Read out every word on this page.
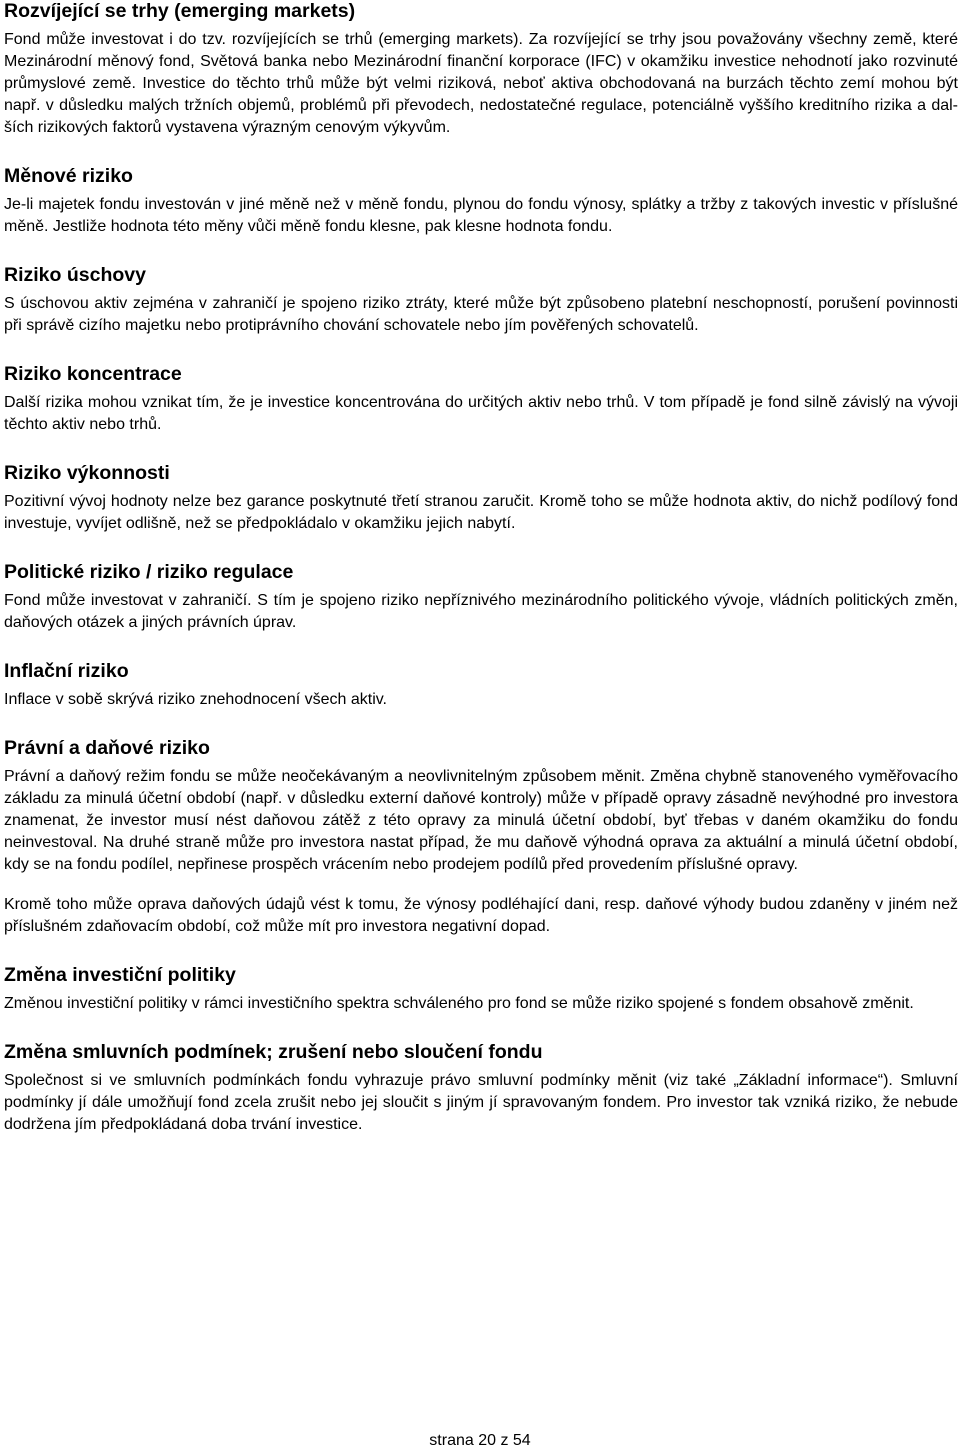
Rozvíjející se trhy (emerging markets)

Fond může investovat i do tzv. rozvíjejících se trhů (emerging markets). Za rozvíjející se trhy jsou považovány všechny země, které Mezinárodní měnový fond, Světová banka nebo Mezinárodní finanční korporace (IFC) v okamžiku investice nehodnotí jako rozvinuté průmyslové země. Investice do těchto trhů může být velmi riziková, neboť aktiva obchodovaná na burzách těchto zemí mohou být např. v důsledku malých tržních objemů, problémů při převodech, nedostatečné regulace, potenciálně vyššího kreditního rizika a dalších rizikových faktorů vystavena výrazným cenovým výkyvům.

Měnové riziko

Je-li majetek fondu investován v jiné měně než v měně fondu, plynou do fondu výnosy, splátky a tržby z takových investic v příslušné měně. Jestliže hodnota této měny vůči měně fondu klesne, pak klesne hodnota fondu.

Riziko úschovy

S úschovou aktiv zejména v zahraničí je spojeno riziko ztráty, které může být způsobeno platební neschopností, porušení povinnosti při správě cizího majetku nebo protiprávního chování schovatele nebo jím pověřených schovatelů.

Riziko koncentrace

Další rizika mohou vznikat tím, že je investice koncentrována do určitých aktiv nebo trhů. V tom případě je fond silně závislý na vývoji těchto aktiv nebo trhů.

Riziko výkonnosti

Pozitivní vývoj hodnoty nelze bez garance poskytnuté třetí stranou zaručit. Kromě toho se může hodnota aktiv, do nichž podílový fond investuje, vyvíjet odlišně, než se předpokládalo v okamžiku jejich nabytí.

Politické riziko / riziko regulace

Fond může investovat v zahraničí. S tím je spojeno riziko nepříznivého mezinárodního politického vývoje, vládních politických změn, daňových otázek a jiných právních úprav.

Inflační riziko

Inflace v sobě skrývá riziko znehodnocení všech aktiv.

Právní a daňové riziko

Právní a daňový režim fondu se může neočekávaným a neovlivnitelným způsobem měnit. Změna chybně stanoveného vyměřovacího základu za minulá účetní období (např. v důsledku externí daňové kontroly) může v případě opravy zásadně nevýhodné pro investora znamenat, že investor musí nést daňovou zátěž z této opravy za minulá účetní období, byť třebas v daném okamžiku do fondu neinvestoval. Na druhé straně může pro investora nastat případ, že mu daňově výhodná oprava za aktuální a minulá účetní období, kdy se na fondu podílel, nepřinese prospěch vrácením nebo prodejem podílů před provedením příslušné opravy.

Kromě toho může oprava daňových údajů vést k tomu, že výnosy podléhající dani, resp. daňové výhody budou zdaněny v jiném než příslušném zdaňovacím období, což může mít pro investora negativní dopad.

Změna investiční politiky

Změnou investiční politiky v rámci investičního spektra schváleného pro fond se může riziko spojené s fondem obsahově změnit.

Změna smluvních podmínek; zrušení nebo sloučení fondu

Společnost si ve smluvních podmínkách fondu vyhrazuje právo smluvní podmínky měnit (viz také „Základní informace“). Smluvní podmínky jí dále umožňují fond zcela zrušit nebo jej sloučit s jiným jí spravovaným fondem. Pro investor tak vzniká riziko, že nebude dodržena jím předpokládaná doba trvání investice.

strana 20 z 54
